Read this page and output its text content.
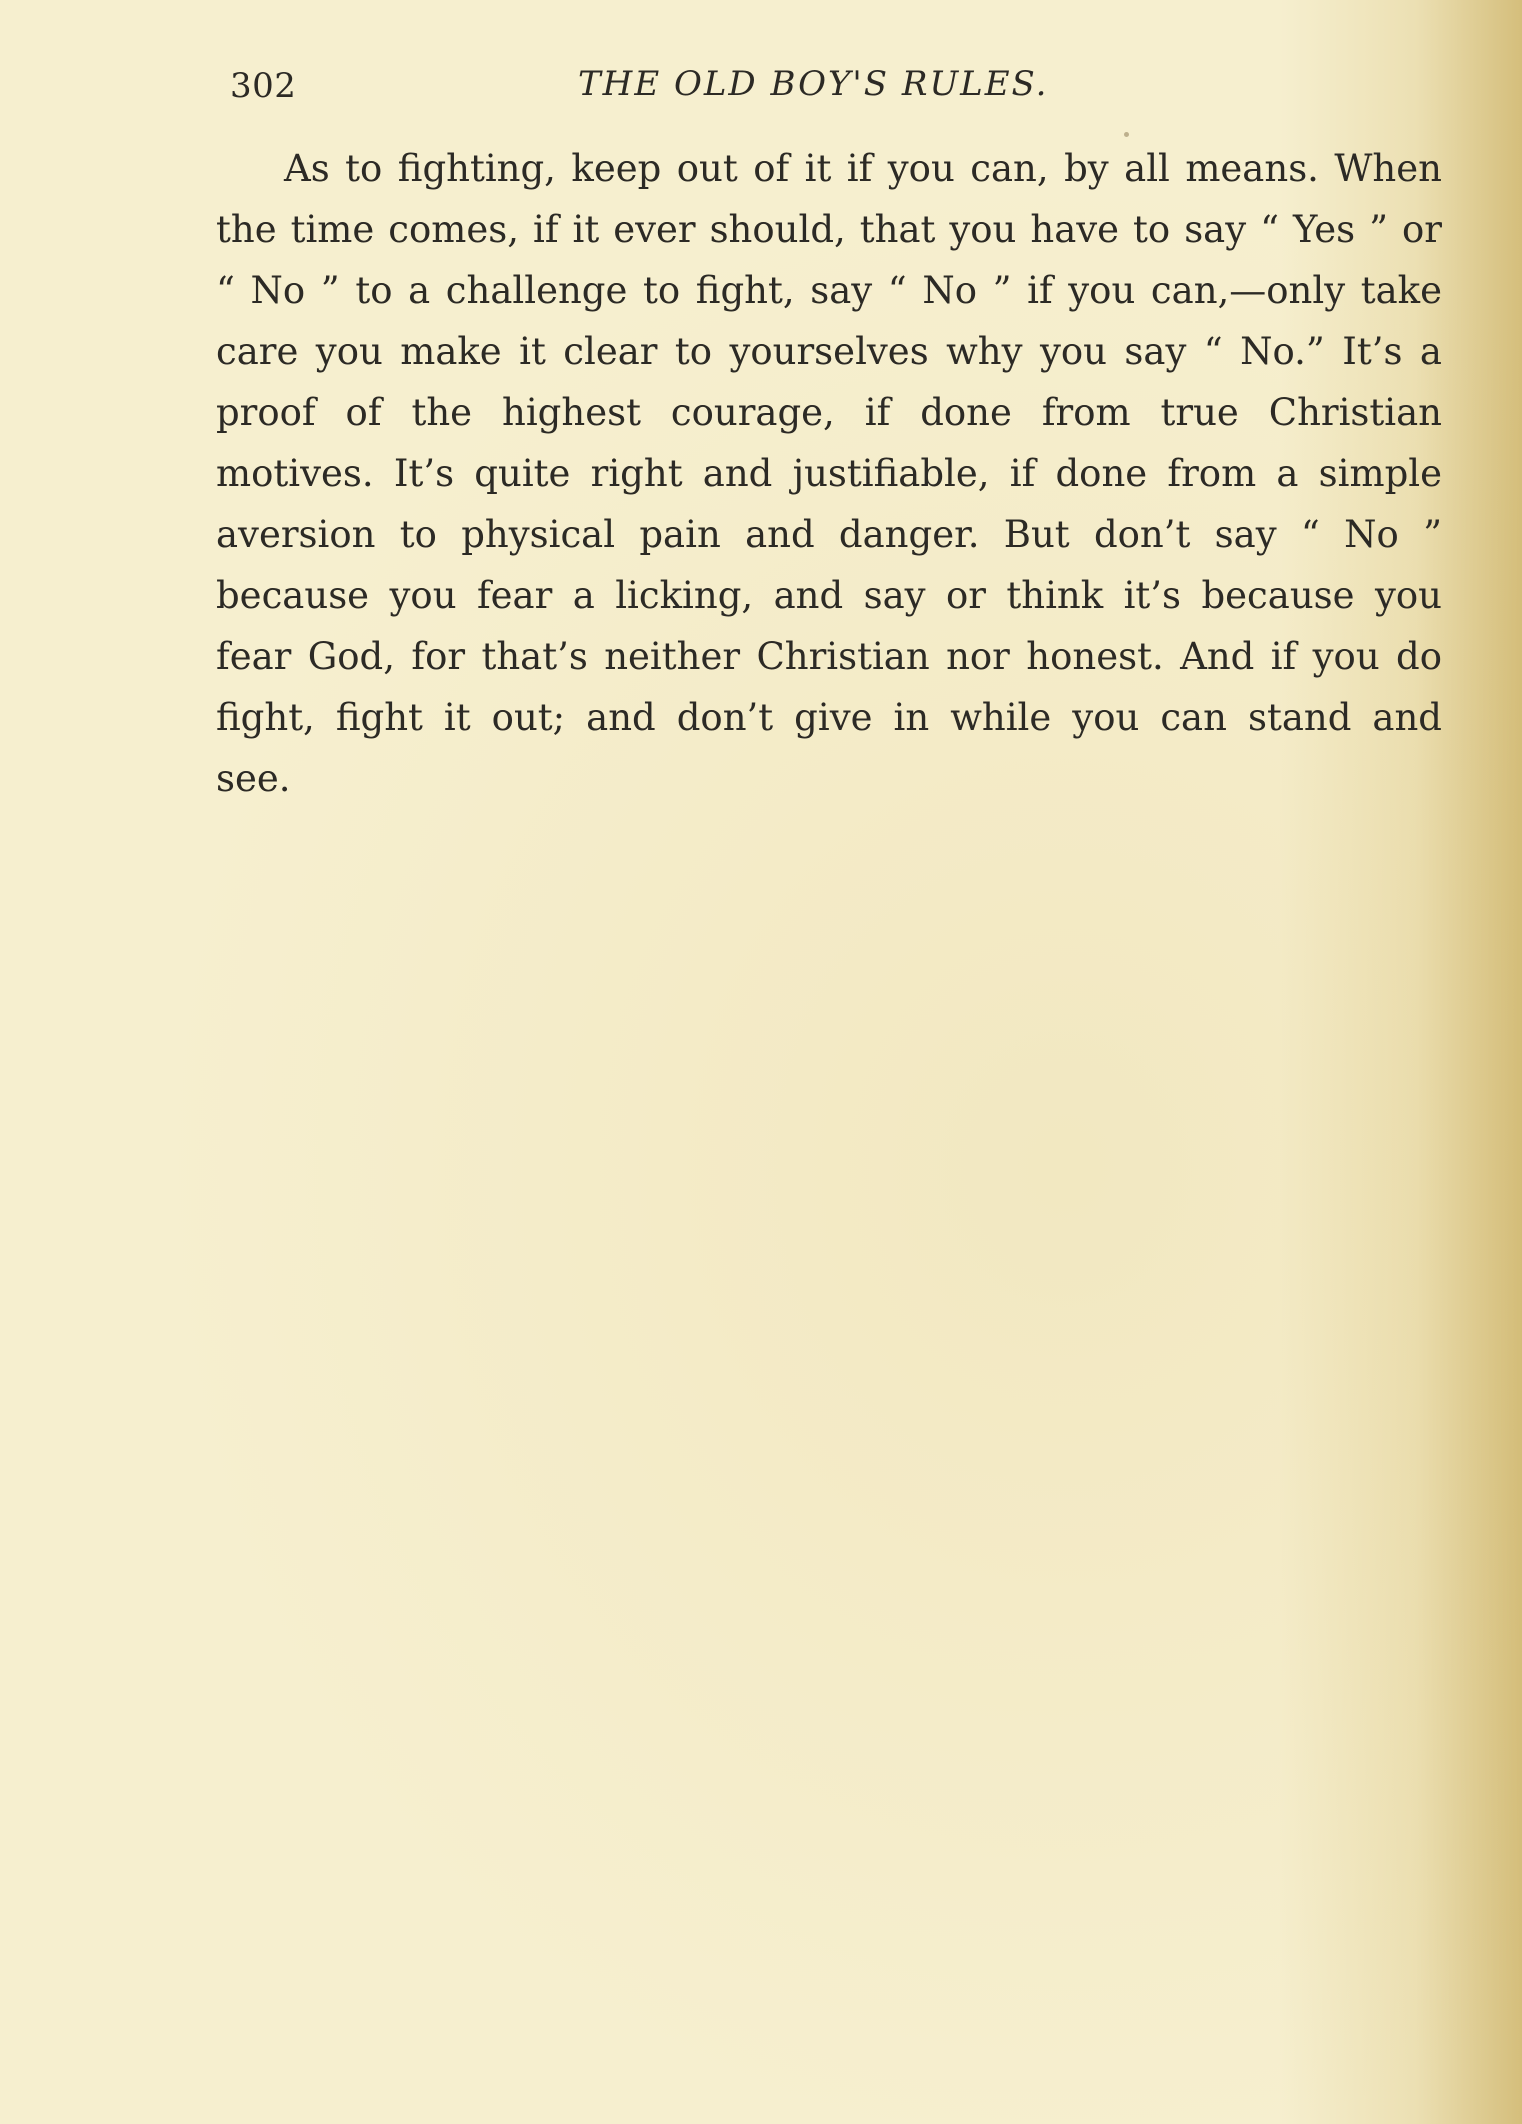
302	THE OLD BOY'S RULES.

As to fighting, keep out of it if you can, by all means. When the time comes, if it ever should, that you have to say “ Yes ” or “ No ” to a challenge to fight, say “ No ” if you can,—only take care you make it clear to yourselves why you say “ No.” It’s a proof of the highest courage, if done from true Christian motives. It’s quite right and justifiable, if done from a simple aversion to physical pain and danger. But don’t say “ No ” because you fear a licking, and say or think it’s because you fear God, for that’s neither Christian nor honest. And if you do fight, fight it out; and don’t give in while you can stand and see.
